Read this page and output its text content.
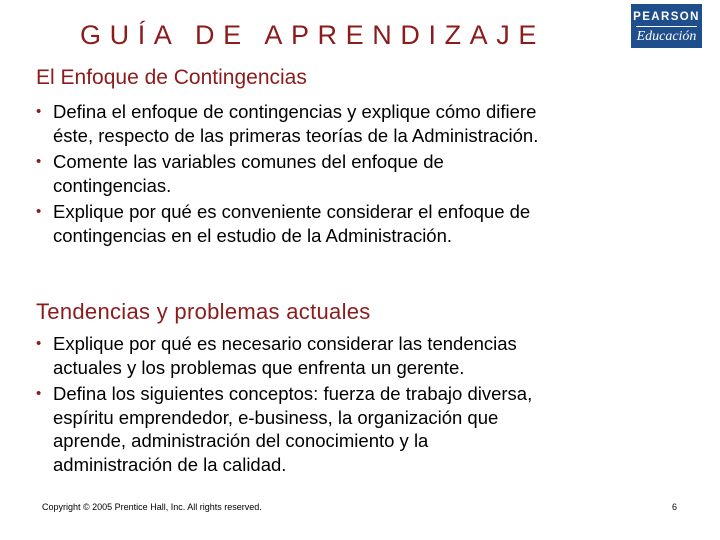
GUÍA DE APRENDIZAJE
PEARSON
Educación
El Enfoque de Contingencias
• Defina el enfoque de contingencias y explique cómo difiere
éste, respecto de las primeras teorías de la Administración.
• Comente las variables comunes del enfoque de
contingencias.
• Explique por qué es conveniente considerar el enfoque de
contingencias en el estudio de la Administración.
Tendencias y problemas actuales
• Explique por qué es necesario considerar las tendencias
actuales y los problemas que enfrenta un gerente.
• Defina los siguientes conceptos: fuerza de trabajo diversa,
espíritu emprendedor, e-business, la organización que
aprende, administración del conocimiento y la
administración de la calidad.
Copyright © 2005 Prentice Hall, Inc. All rights reserved.	6
